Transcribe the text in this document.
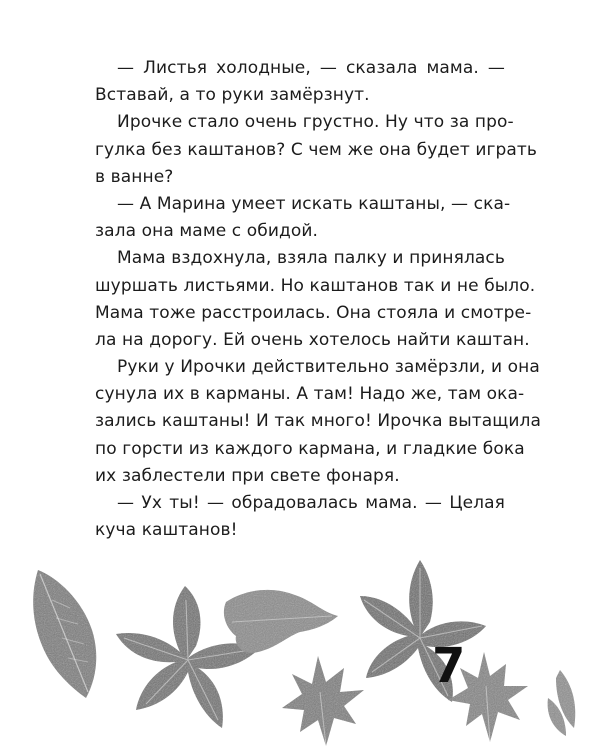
— Листья холодные, — сказала мама. —
Вставай, а то руки замёрзнут.
Ирочке стало очень грустно. Ну что за про-
гулка без каштанов? С чем же она будет играть
в ванне?
— А Марина умеет искать каштаны, — ска-
зала она маме с обидой.
Мама вздохнула, взяла палку и принялась
шуршать листьями. Но каштанов так и не было.
Мама тоже расстроилась. Она стояла и смотре-
ла на дорогу. Ей очень хотелось найти каштан.
Руки у Ирочки действительно замёрзли, и она
сунула их в карманы. А там! Надо же, там ока-
зались каштаны! И так много! Ирочка вытащила
по горсти из каждого кармана, и гладкие бока
их заблестели при свете фонаря.
— Ух ты! — обрадовалась мама. — Целая
куча каштанов!
7
